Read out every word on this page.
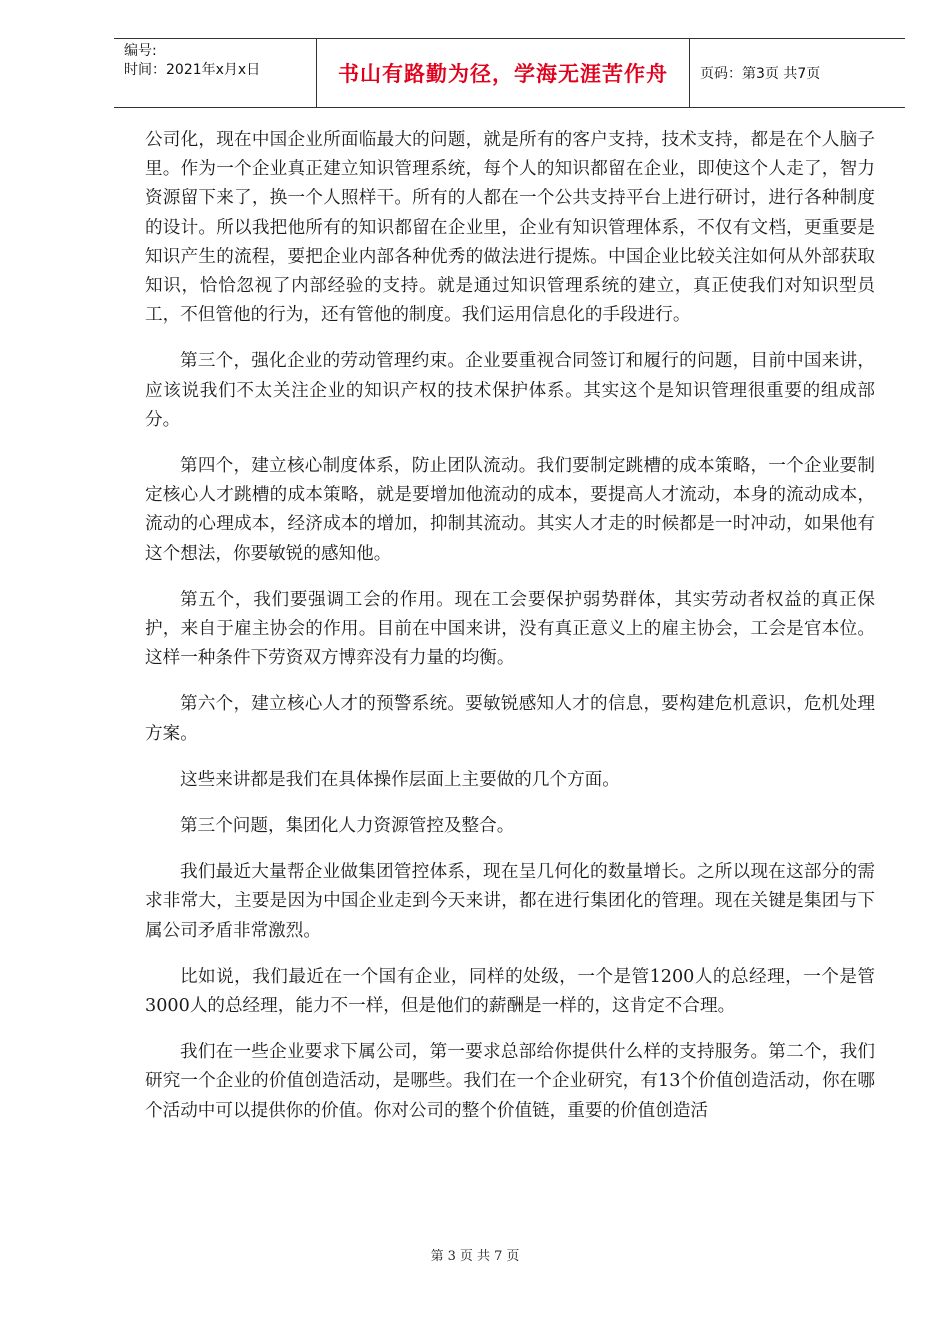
编号:
时间：2021年x月x日	书山有路勤为径，学海无涯苦作舟	页码：第3页 共7页

公司化，现在中国企业所面临最大的问题，就是所有的客户支持，技术支持，都是在个人脑子里。作为一个企业真正建立知识管理系统，每个人的知识都留在企业，即使这个人走了，智力资源留下来了，换一个人照样干。所有的人都在一个公共支持平台上进行研讨，进行各种制度的设计。所以我把他所有的知识都留在企业里，企业有知识管理体系，不仅有文档，更重要是知识产生的流程，要把企业内部各种优秀的做法进行提炼。中国企业比较关注如何从外部获取知识，恰恰忽视了内部经验的支持。就是通过知识管理系统的建立，真正使我们对知识型员工，不但管他的行为，还有管他的制度。我们运用信息化的手段进行。

第三个，强化企业的劳动管理约束。企业要重视合同签订和履行的问题，目前中国来讲，应该说我们不太关注企业的知识产权的技术保护体系。其实这个是知识管理很重要的组成部分。

第四个，建立核心制度体系，防止团队流动。我们要制定跳槽的成本策略，一个企业要制定核心人才跳槽的成本策略，就是要增加他流动的成本，要提高人才流动，本身的流动成本，流动的心理成本，经济成本的增加，抑制其流动。其实人才走的时候都是一时冲动，如果他有这个想法，你要敏锐的感知他。

第五个，我们要强调工会的作用。现在工会要保护弱势群体，其实劳动者权益的真正保护，来自于雇主协会的作用。目前在中国来讲，没有真正意义上的雇主协会，工会是官本位。这样一种条件下劳资双方博弈没有力量的均衡。

第六个，建立核心人才的预警系统。要敏锐感知人才的信息，要构建危机意识，危机处理方案。

这些来讲都是我们在具体操作层面上主要做的几个方面。

第三个问题，集团化人力资源管控及整合。

我们最近大量帮企业做集团管控体系，现在呈几何化的数量增长。之所以现在这部分的需求非常大，主要是因为中国企业走到今天来讲，都在进行集团化的管理。现在关键是集团与下属公司矛盾非常激烈。

比如说，我们最近在一个国有企业，同样的处级，一个是管1200人的总经理，一个是管3000人的总经理，能力不一样，但是他们的薪酬是一样的，这肯定不合理。

我们在一些企业要求下属公司，第一要求总部给你提供什么样的支持服务。第二个，我们研究一个企业的价值创造活动，是哪些。我们在一个企业研究，有13个价值创造活动，你在哪个活动中可以提供你的价值。你对公司的整个价值链，重要的价值创造活

第 3 页 共 7 页
